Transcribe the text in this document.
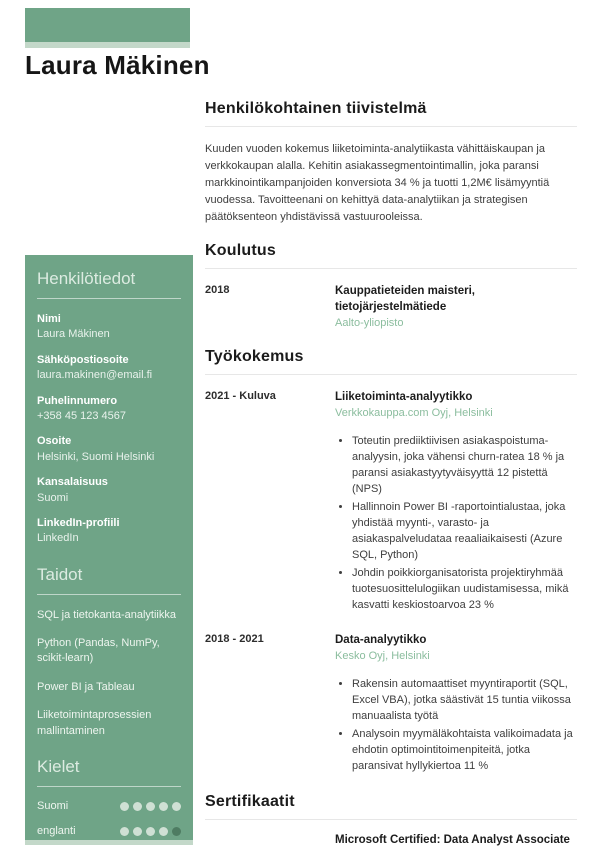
Laura Mäkinen
Henkilötiedot
Nimi
Laura Mäkinen
Sähköpostiosoite
laura.makinen@email.fi
Puhelinnumero
+358 45 123 4567
Osoite
Helsinki, Suomi Helsinki
Kansalaisuus
Suomi
LinkedIn-profiili
LinkedIn
Taidot
SQL ja tietokanta-analytiikka
Python (Pandas, NumPy, scikit-learn)
Power BI ja Tableau
Liiketoimintaprosessien mallintaminen
Kielet
Suomi
englanti
Henkilökohtainen tiivistelmä

Kuuden vuoden kokemus liiketoiminta-analytiikasta vähittäiskaupan ja verkkokaupan alalla. Kehitin asiakassegmentointimallin, joka paransi markkinointikampanjoiden konversiota 34 % ja tuotti 1,2M€ lisämyyntiä vuodessa. Tavoitteenani on kehittyä data-analytiikan ja strategisen päätöksenteon yhdistävissä vastuurooleissa.

Koulutus
2018	Kauppatieteiden maisteri, tietojärjestelmätiede
Aalto-yliopisto
Työkokemus
2021 - Kuluva	Liiketoiminta-analyytikko
Verkkokauppa.com Oyj, Helsinki
• Toteutin prediiktiivisen asiakaspoistuma-analyysin, joka vähensi churn-ratea 18 % ja paransi asiakastyytyväisyyttä 12 pistettä (NPS)
• Hallinnoin Power BI -raportointialustaa, joka yhdistää myynti-, varasto- ja asiakaspalveludataa reaaliaikaisesti (Azure SQL, Python)
• Johdin poikkiorganisatorista projektiryhmää tuotesuosittelulogiikan uudistamisessa, mikä kasvatti keskiostoarvoa 23 %
2018 - 2021	Data-analyytikko
Kesko Oyj, Helsinki
• Rakensin automaattiset myyntiraportit (SQL, Excel VBA), jotka säästivät 15 tuntia viikossa manuaalista työtä
• Analysoin myymäläkohtaista valikoimadata ja ehdotin optimointitoimenpiteitä, jotka paransivat hyllykiertoa 11 %
Sertifikaatit
Microsoft Certified: Data Analyst Associate
